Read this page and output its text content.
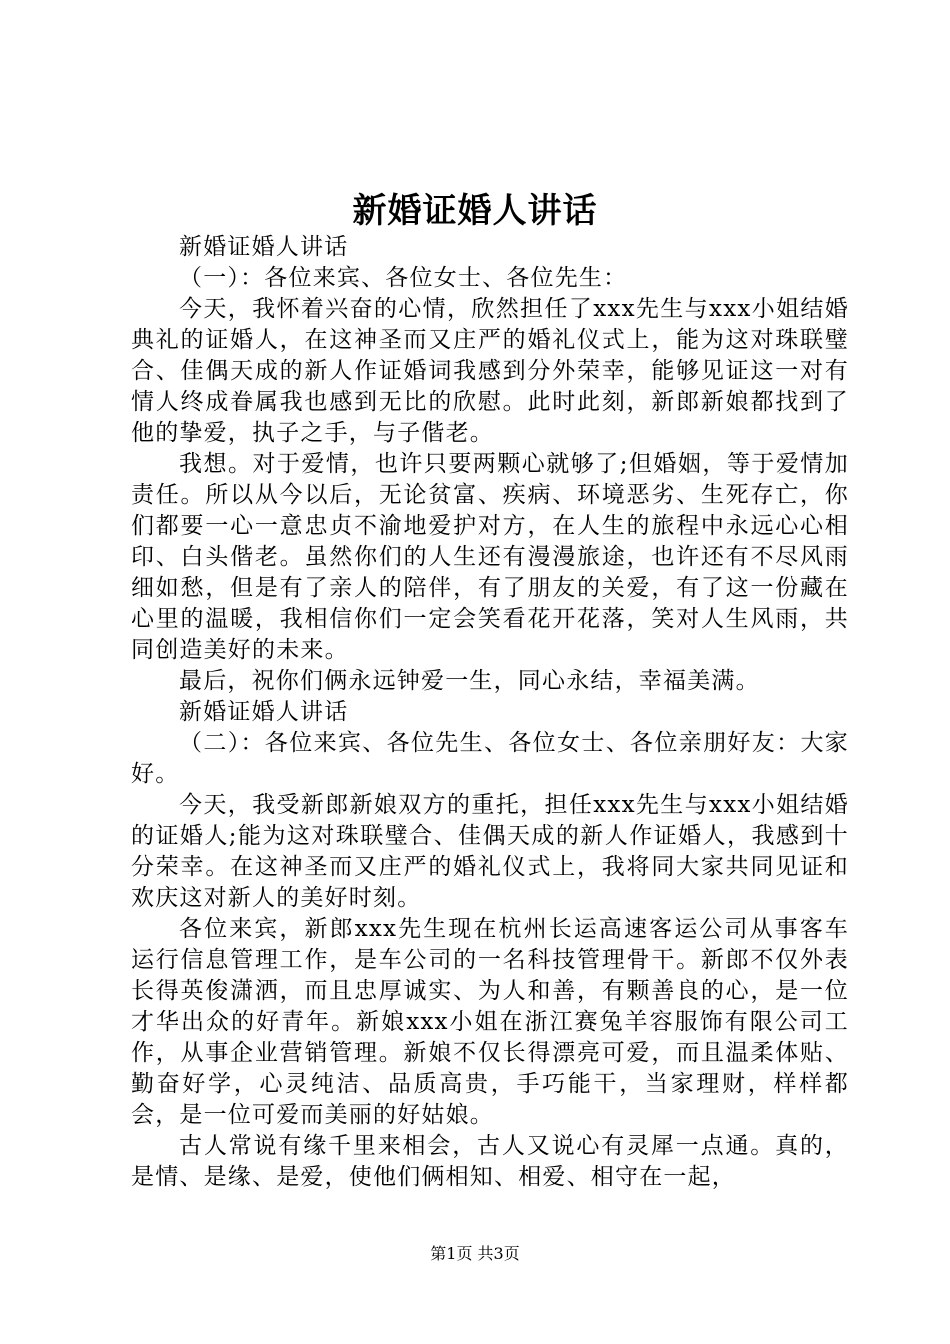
新婚证婚人讲话

新婚证婚人讲话

（一）：各位来宾、各位女士、各位先生：

今天，我怀着兴奋的心情，欣然担任了xxx先生与xxx小姐结婚典礼的证婚人，在这神圣而又庄严的婚礼仪式上，能为这对珠联璧合、佳偶天成的新人作证婚词我感到分外荣幸，能够见证这一对有情人终成眷属我也感到无比的欣慰。此时此刻，新郎新娘都找到了他的挚爱，执子之手，与子偕老。

我想。对于爱情，也许只要两颗心就够了;但婚姻，等于爱情加责任。所以从今以后，无论贫富、疾病、环境恶劣、生死存亡，你们都要一心一意忠贞不渝地爱护对方，在人生的旅程中永远心心相印、白头偕老。虽然你们的人生还有漫漫旅途，也许还有不尽风雨细如愁，但是有了亲人的陪伴，有了朋友的关爱，有了这一份藏在心里的温暖，我相信你们一定会笑看花开花落，笑对人生风雨，共同创造美好的未来。

最后，祝你们俩永远钟爱一生，同心永结，幸福美满。

新婚证婚人讲话

（二）：各位来宾、各位先生、各位女士、各位亲朋好友：大家好。

今天，我受新郎新娘双方的重托，担任xxx先生与xxx小姐结婚的证婚人;能为这对珠联璧合、佳偶天成的新人作证婚人，我感到十分荣幸。在这神圣而又庄严的婚礼仪式上，我将同大家共同见证和欢庆这对新人的美好时刻。

各位来宾，新郎xxx先生现在杭州长运高速客运公司从事客车运行信息管理工作，是车公司的一名科技管理骨干。新郎不仅外表长得英俊潇洒，而且忠厚诚实、为人和善，有颗善良的心，是一位才华出众的好青年。新娘xxx小姐在浙江赛兔羊容服饰有限公司工作，从事企业营销管理。新娘不仅长得漂亮可爱，而且温柔体贴、勤奋好学，心灵纯洁、品质高贵，手巧能干，当家理财，样样都会，是一位可爱而美丽的好姑娘。

古人常说有缘千里来相会，古人又说心有灵犀一点通。真的，是情、是缘、是爱，使他们俩相知、相爱、相守在一起，

第1页 共3页
